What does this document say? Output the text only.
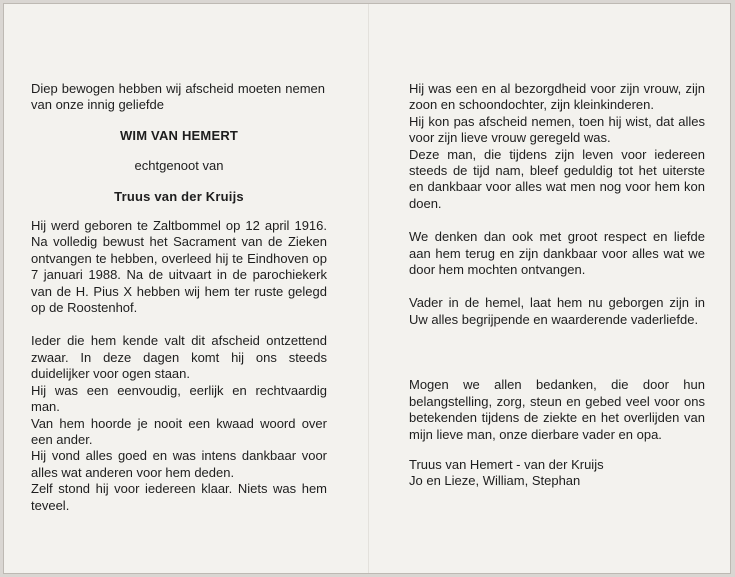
Diep bewogen hebben wij afscheid moeten nemen van onze innig geliefde

WIM VAN HEMERT

echtgenoot van

Truus van der Kruijs

Hij werd geboren te Zaltbommel op 12 april 1916. Na volledig bewust het Sacrament van de Zieken ontvangen te hebben, overleed hij te Eindhoven op 7 januari 1988. Na de uitvaart in de parochiekerk van de H. Pius X hebben wij hem ter ruste gelegd op de Roostenhof.

Ieder die hem kende valt dit afscheid ontzettend zwaar. In deze dagen komt hij ons steeds duidelijker voor ogen staan.

Hij was een eenvoudig, eerlijk en rechtvaardig man.

Van hem hoorde je nooit een kwaad woord over een ander.

Hij vond alles goed en was intens dankbaar voor alles wat anderen voor hem deden.

Zelf stond hij voor iedereen klaar. Niets was hem teveel.

Hij was een en al bezorgdheid voor zijn vrouw, zijn zoon en schoondochter, zijn kleinkinderen.

Hij kon pas afscheid nemen, toen hij wist, dat alles voor zijn lieve vrouw geregeld was.

Deze man, die tijdens zijn leven voor iedereen steeds de tijd nam, bleef geduldig tot het uiterste en dankbaar voor alles wat men nog voor hem kon doen.

We denken dan ook met groot respect en liefde aan hem terug en zijn dankbaar voor alles wat we door hem mochten ontvangen.

Vader in de hemel, laat hem nu geborgen zijn in Uw alles begrijpende en waarderende vaderliefde.

Mogen we allen bedanken, die door hun belangstelling, zorg, steun en gebed veel voor ons betekenden tijdens de ziekte en het overlijden van mijn lieve man, onze dierbare vader en opa.

Truus van Hemert - van der Kruijs

Jo en Lieze, William, Stephan
